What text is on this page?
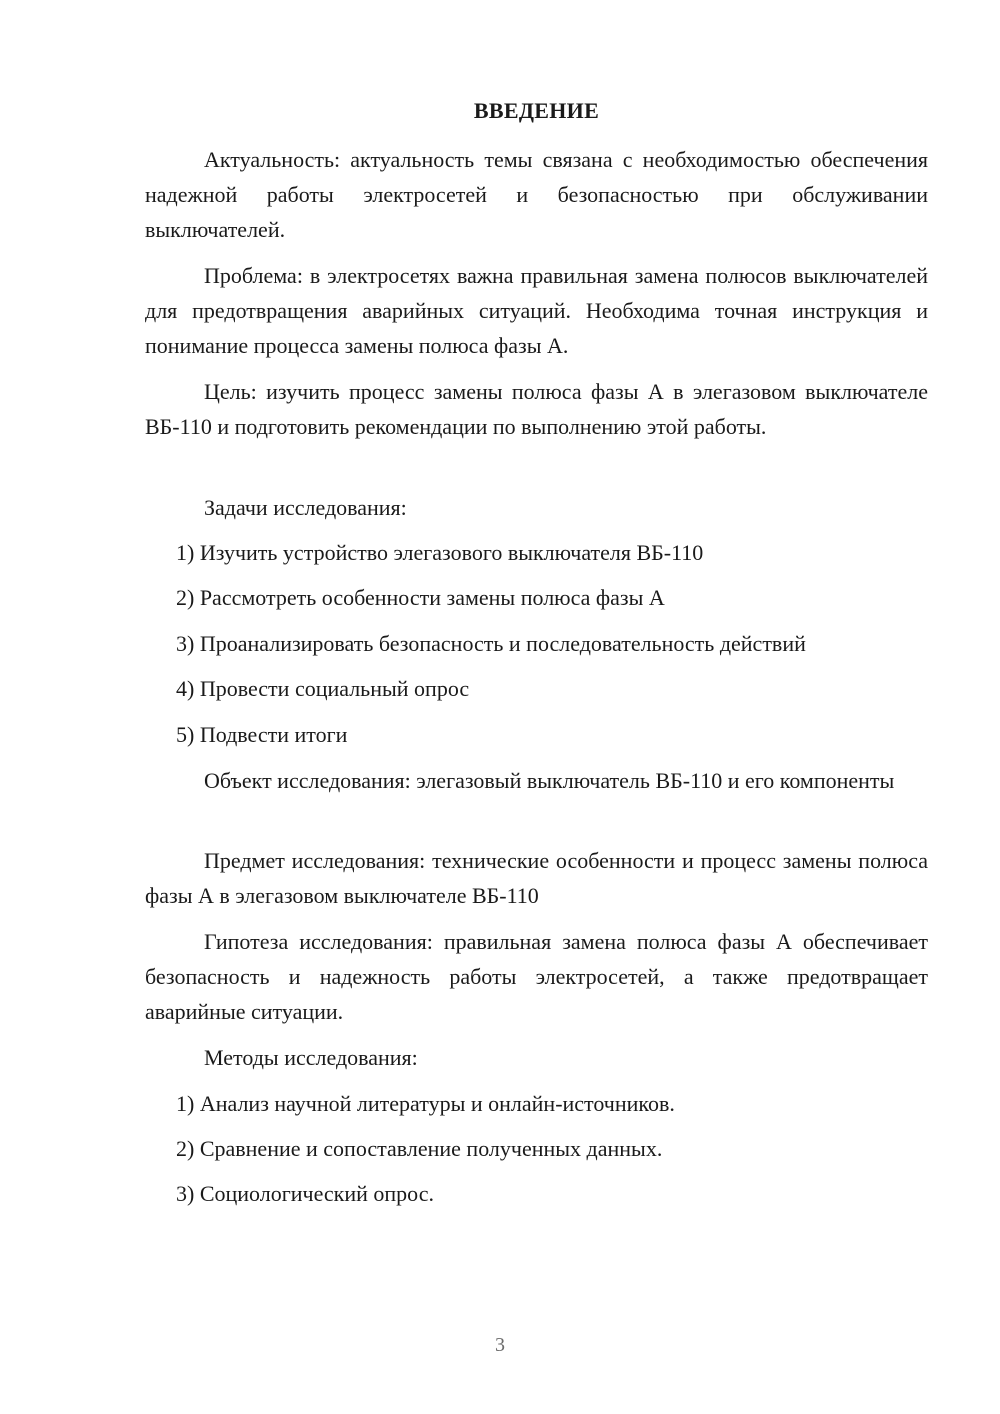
ВВЕДЕНИЕ

Актуальность: актуальность темы связана с необходимостью обеспечения надежной работы электросетей и безопасностью при обслуживании выключателей.

Проблема: в электросетях важна правильная замена полюсов выключателей для предотвращения аварийных ситуаций. Необходима точная инструкция и понимание процесса замены полюса фазы А.

Цель: изучить процесс замены полюса фазы А в элегазовом выключателе ВБ-110 и подготовить рекомендации по выполнению этой работы.

Задачи исследования:

1) Изучить устройство элегазового выключателя ВБ-110

2) Рассмотреть особенности замены полюса фазы А

3) Проанализировать безопасность и последовательность действий

4) Провести социальный опрос

5) Подвести итоги

Объект исследования: элегазовый выключатель ВБ-110 и его компоненты

Предмет исследования: технические особенности и процесс замены полюса фазы А в элегазовом выключателе ВБ-110

Гипотеза исследования: правильная замена полюса фазы А обеспечивает безопасность и надежность работы электросетей, а также предотвращает аварийные ситуации.

Методы исследования:

1) Анализ научной литературы и онлайн-источников.

2) Сравнение и сопоставление полученных данных.

3) Социологический опрос.

3
